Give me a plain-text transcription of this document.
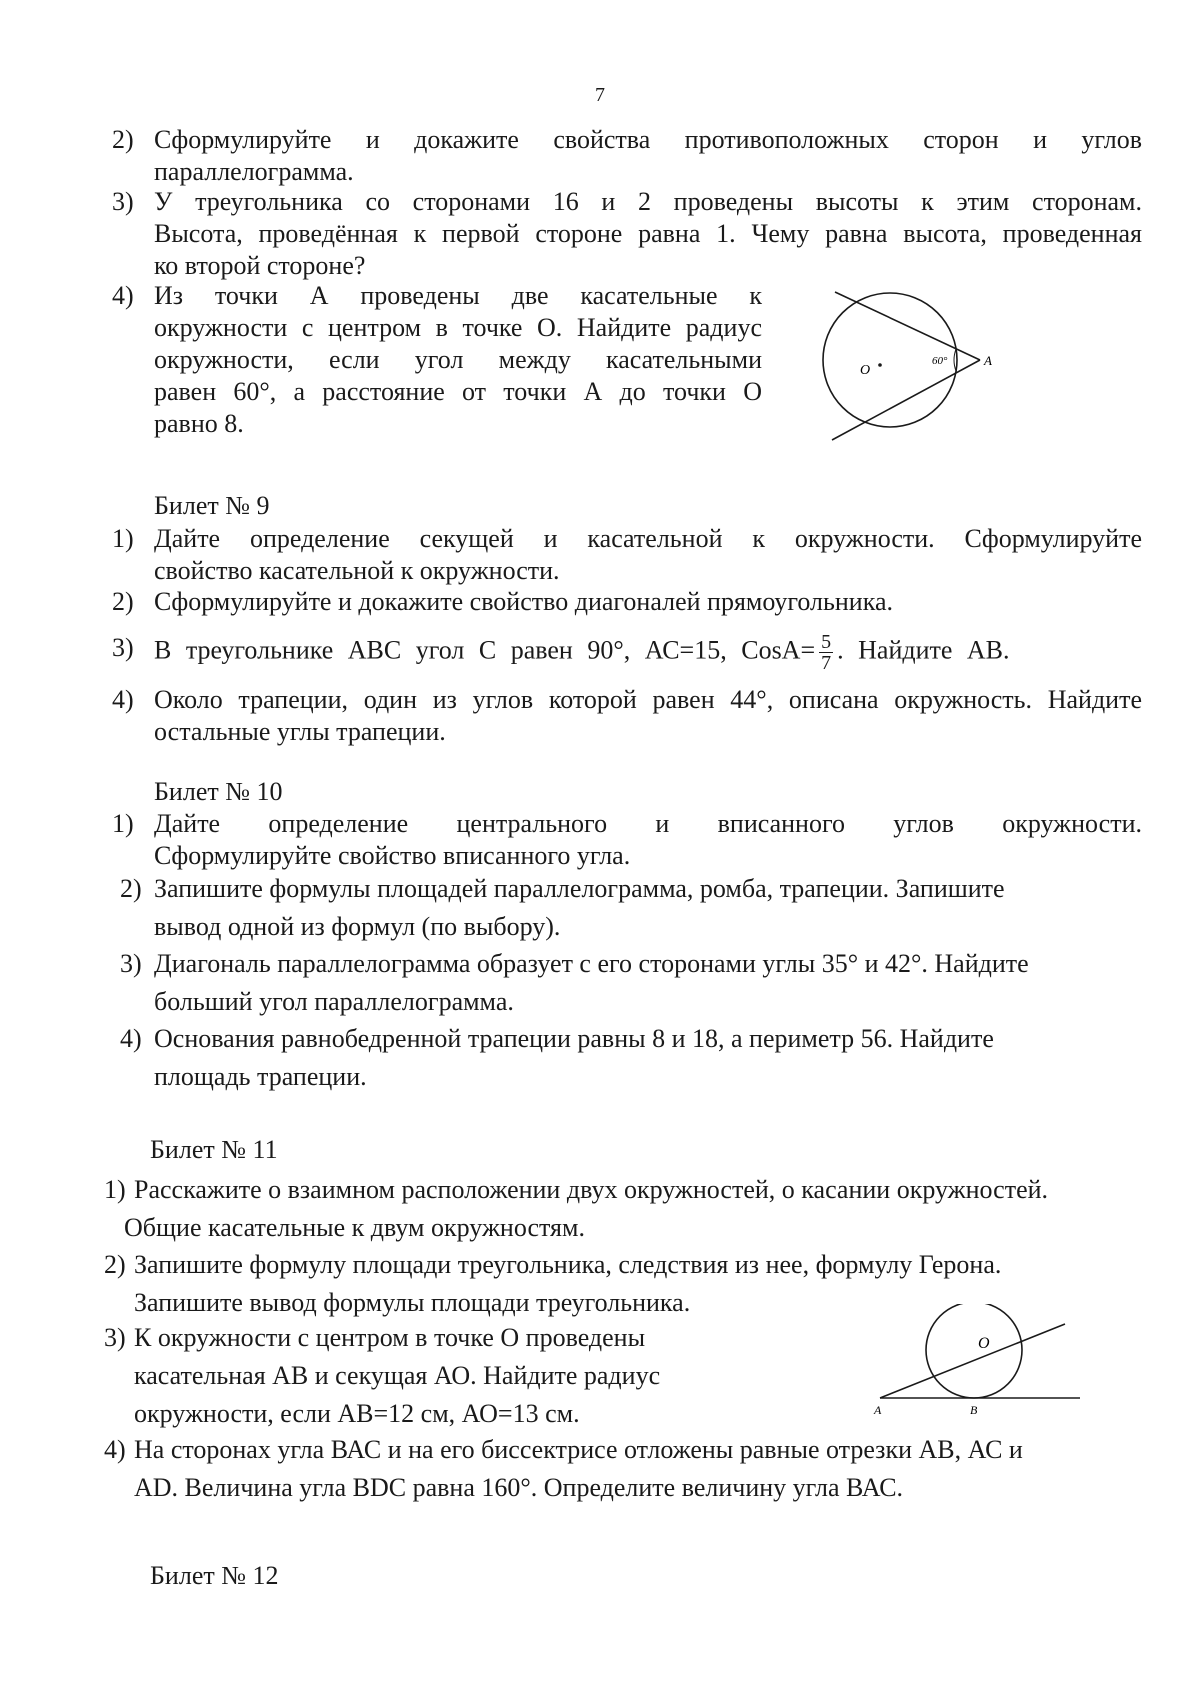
7
2) Сформулируйте и докажите свойства противоположных сторон и углов
параллелограмма.
3) У треугольника со сторонами 16 и 2 проведены высоты к этим сторонам.
Высота, проведённая к первой стороне равна 1. Чему равна высота, проведенная
ко второй стороне?
4) Из точки А проведены две касательные к
окружности с центром в точке О. Найдите радиус
окружности, если угол между касательными
равен 60°, а расстояние от точки А до точки О
равно 8.
O
60°	A
Билет № 9
1) Дайте определение секущей и касательной к окружности. Сформулируйте
свойство касательной к окружности.
2) Сформулируйте и докажите свойство диагоналей прямоугольника.
3) В треугольнике АВС угол С равен 90°, АС=15, CosA= $\frac{5}{7}$ . Найдите АВ.
4) Около трапеции, один из углов которой равен 44°, описана окружность. Найдите
остальные углы трапеции.
Билет № 10
1) Дайте определение центрального и вписанного углов окружности.
Сформулируйте свойство вписанного угла.
2) Запишите формулы площадей параллелограмма, ромба, трапеции. Запишите
вывод одной из формул (по выбору).
3) Диагональ параллелограмма образует с его сторонами углы 35° и 42°. Найдите
больший угол параллелограмма.
4) Основания равнобедренной трапеции равны 8 и 18, а периметр 56. Найдите
площадь трапеции.
Билет № 11
1) Расскажите о взаимном расположении двух окружностей, о касании окружностей.
Общие касательные к двум окружностям.
2) Запишите формулу площади треугольника, следствия из нее, формулу Герона.
Запишите вывод формулы площади треугольника.
3) К окружности с центром в точке О проведены
касательная АВ и секущая АО. Найдите радиус
окружности, если АВ=12 см, АО=13 см.
O
A	B
4) На сторонах угла ВАС и на его биссектрисе отложены равные отрезки АВ, АС и
AD. Величина угла BDC равна 160°. Определите величину угла ВАС.
Билет № 12
